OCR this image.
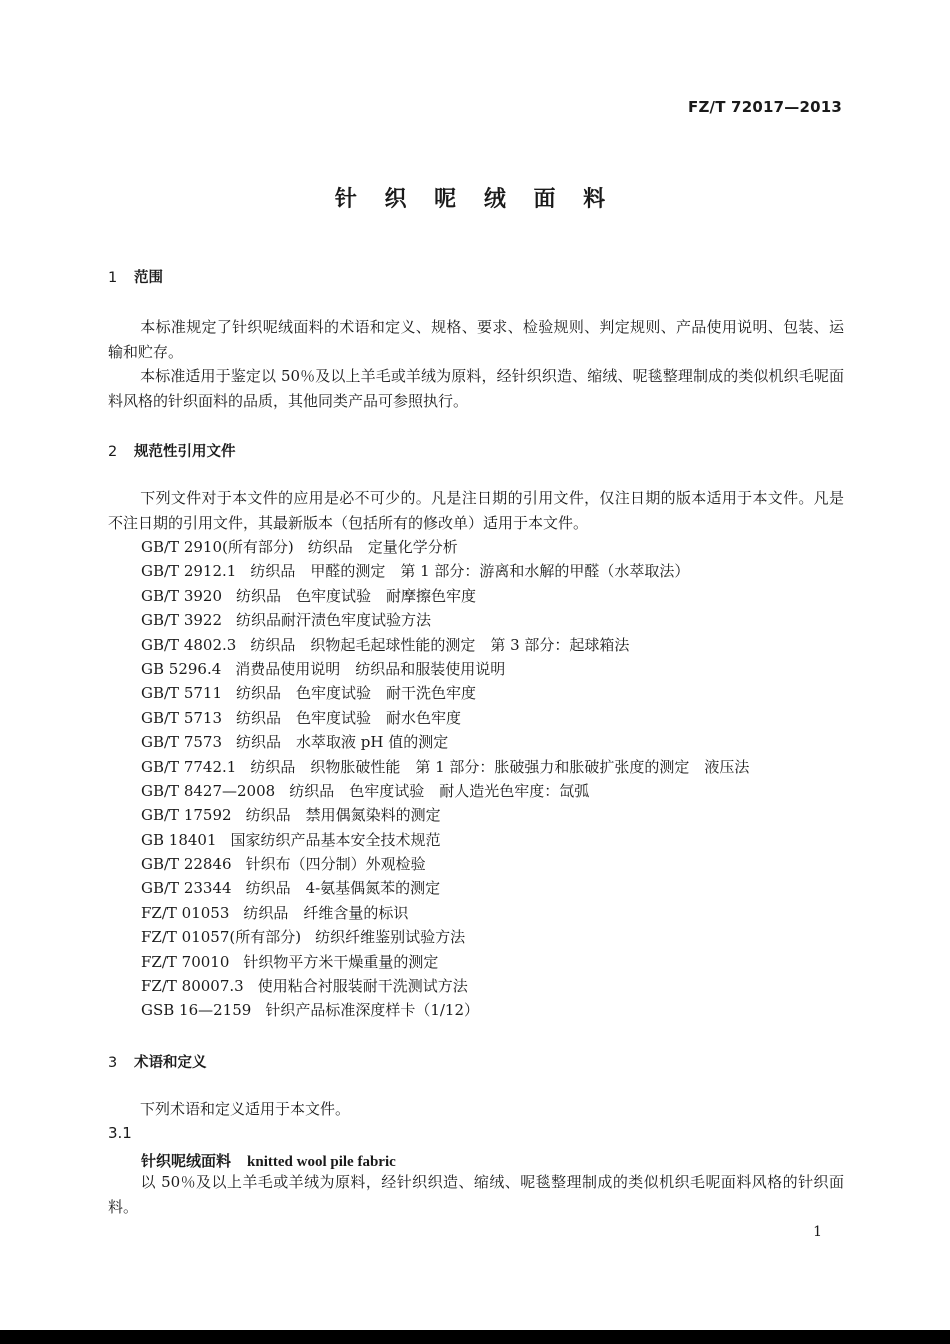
FZ/T 72017—2013
针 织 呢 绒 面 料
1 范围
本标准规定了针织呢绒面料的术语和定义、规格、要求、检验规则、判定规则、产品使用说明、包装、运输和贮存。
本标准适用于鉴定以 50％及以上羊毛或羊绒为原料，经针织织造、缩绒、呢毯整理制成的类似机织毛呢面料风格的针织面料的品质，其他同类产品可参照执行。
2 规范性引用文件
下列文件对于本文件的应用是必不可少的。凡是注日期的引用文件，仅注日期的版本适用于本文件。凡是不注日期的引用文件，其最新版本（包括所有的修改单）适用于本文件。
GB/T 2910(所有部分) 纺织品　定量化学分析
GB/T 2912.1 纺织品　甲醛的测定　第 1 部分：游离和水解的甲醛（水萃取法）
GB/T 3920 纺织品　色牢度试验　耐摩擦色牢度
GB/T 3922 纺织品耐汗渍色牢度试验方法
GB/T 4802.3 纺织品　织物起毛起球性能的测定　第 3 部分：起球箱法
GB 5296.4 消费品使用说明　纺织品和服装使用说明
GB/T 5711 纺织品　色牢度试验　耐干洗色牢度
GB/T 5713 纺织品　色牢度试验　耐水色牢度
GB/T 7573 纺织品　水萃取液 pH 值的测定
GB/T 7742.1 纺织品　织物胀破性能　第 1 部分：胀破强力和胀破扩张度的测定　液压法
GB/T 8427—2008 纺织品　色牢度试验　耐人造光色牢度：氙弧
GB/T 17592 纺织品　禁用偶氮染料的测定
GB 18401 国家纺织产品基本安全技术规范
GB/T 22846 针织布（四分制）外观检验
GB/T 23344 纺织品　4-氨基偶氮苯的测定
FZ/T 01053 纺织品　纤维含量的标识
FZ/T 01057(所有部分) 纺织纤维鉴别试验方法
FZ/T 70010 针织物平方米干燥重量的测定
FZ/T 80007.3 使用粘合衬服装耐干洗测试方法
GSB 16—2159 针织产品标准深度样卡（1/12）
3 术语和定义
下列术语和定义适用于本文件。
3.1
针织呢绒面料 knitted wool pile fabric
以 50％及以上羊毛或羊绒为原料，经针织织造、缩绒、呢毯整理制成的类似机织毛呢面料风格的针织面料。
1
